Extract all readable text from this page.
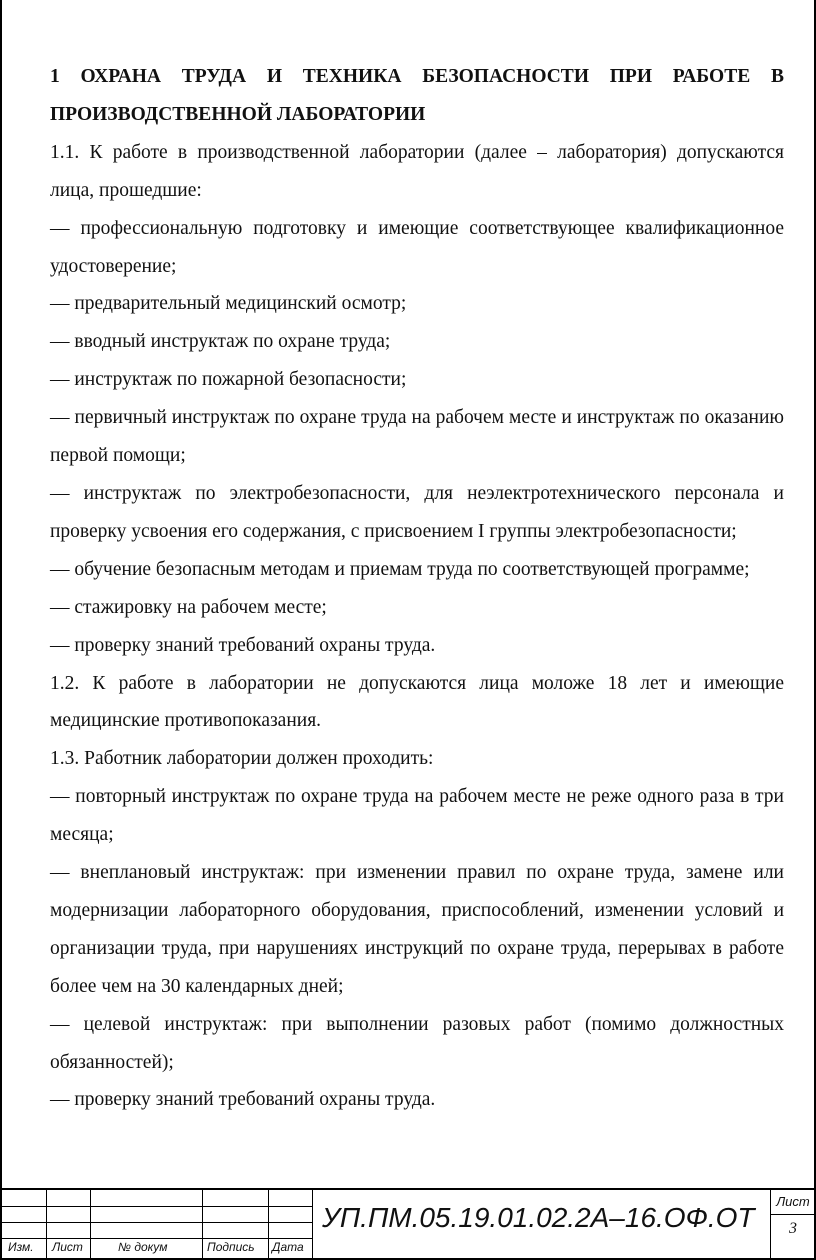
1 ОХРАНА ТРУДА И ТЕХНИКА БЕЗОПАСНОСТИ ПРИ РАБОТЕ В ПРОИЗВОДСТВЕННОЙ ЛАБОРАТОРИИ
1.1. К работе в производственной лаборатории (далее – лаборатория) допускаются лица, прошедшие:
— профессиональную подготовку и имеющие соответствующее квалификационное удостоверение;
— предварительный медицинский осмотр;
— вводный инструктаж по охране труда;
— инструктаж по пожарной безопасности;
— первичный инструктаж по охране труда на рабочем месте и инструктаж по оказанию первой помощи;
— инструктаж по электробезопасности, для неэлектротехнического персонала и проверку усвоения его содержания, с присвоением I группы электробезопасности;
— обучение безопасным методам и приемам труда по соответствующей программе;
— стажировку на рабочем месте;
— проверку знаний требований охраны труда.
1.2. К работе в лаборатории не допускаются лица моложе 18 лет и имеющие медицинские противопоказания.
1.3. Работник лаборатории должен проходить:
— повторный инструктаж по охране труда на рабочем месте не реже одного раза в три месяца;
— внеплановый инструктаж: при изменении правил по охране труда, замене или модернизации лабораторного оборудования, приспособлений, изменении условий и организации труда, при нарушениях инструкций по охране труда, перерывах в работе более чем на 30 календарных дней;
— целевой инструктаж: при выполнении разовых работ (помимо должностных обязанностей);
— проверку знаний требований охраны труда.
Изм. Лист	№ докум	Подпись Дата
УП.ПМ.05.19.01.02.2А–16.ОФ.ОТ
Лист
3
